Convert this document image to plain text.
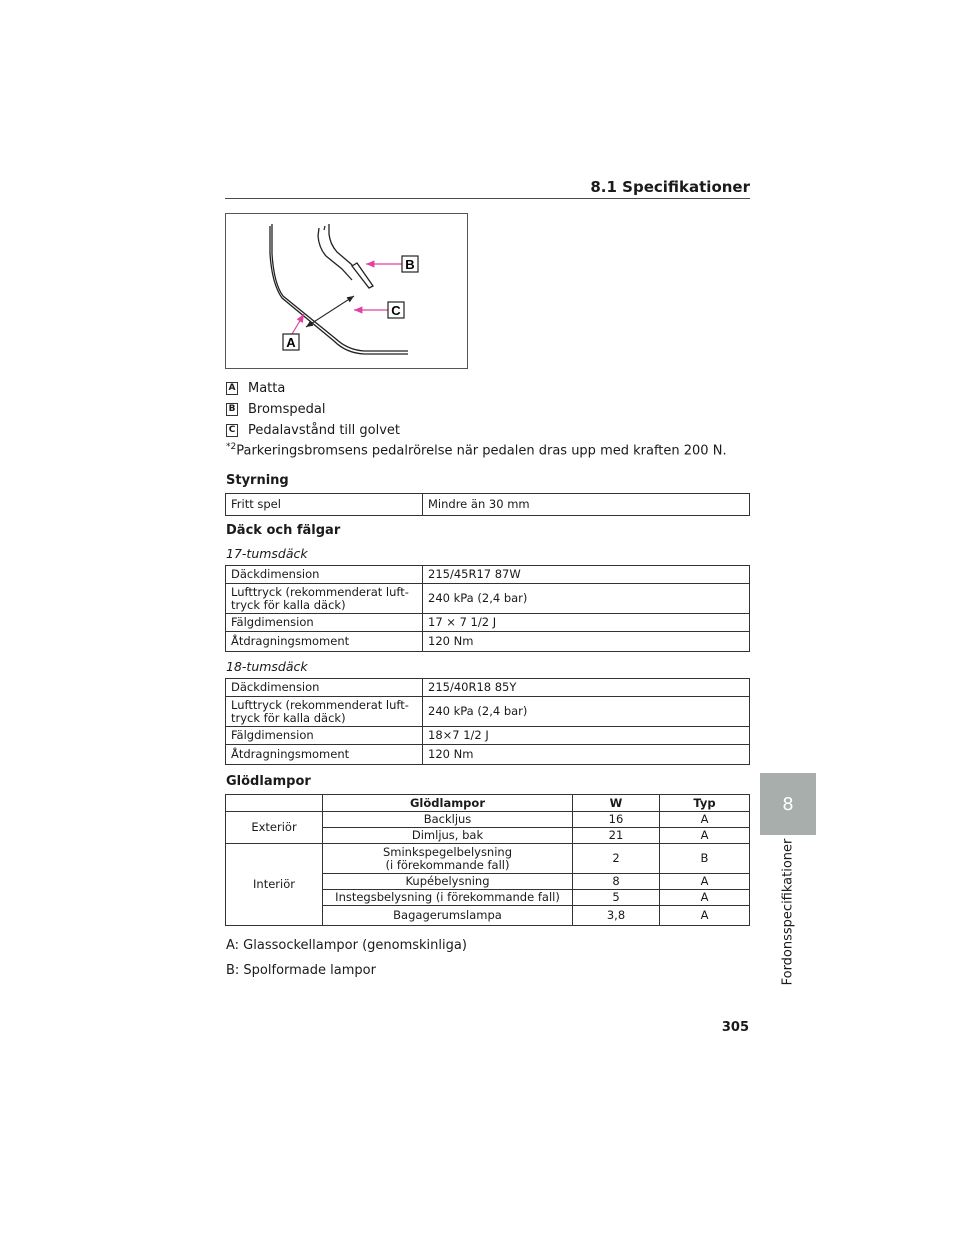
8.1 Specifikationer
B
C
A
A Matta
B Bromspedal
C Pedalavstånd till golvet
$^{*2}$Parkeringsbromsens pedalrörelse när pedalen dras upp med kraften 200 N.
Styrning
Fritt spel	Mindre än 30 mm
Däck och fälgar
17-tumsdäck
Däckdimension	215/45R17 87W
Lufttryck (rekommenderat luft-tryck för kalla däck)	240 kPa (2,4 bar)
Fälgdimension	17 × 7 1/2 J
Åtdragningsmoment	120 Nm
18-tumsdäck
Däckdimension	215/40R18 85Y
Lufttryck (rekommenderat luft-tryck för kalla däck)	240 kPa (2,4 bar)
Fälgdimension	18×7 1/2 J
Åtdragningsmoment	120 Nm
Glödlampor
	Glödlampor	W	Typ
Exteriör	Backljus	16	A
	Dimljus, bak	21	A
Interiör	Sminkspegelbelysning (i förekommande fall)	2	B
	Kupébelysning	8	A
	Instegsbelysning (i förekommande fall)	5	A
	Bagagerumslampa	3,8	A
A: Glassockellampor (genomskinliga)
B: Spolformade lampor
305
8
Fordonsspecifikationer
